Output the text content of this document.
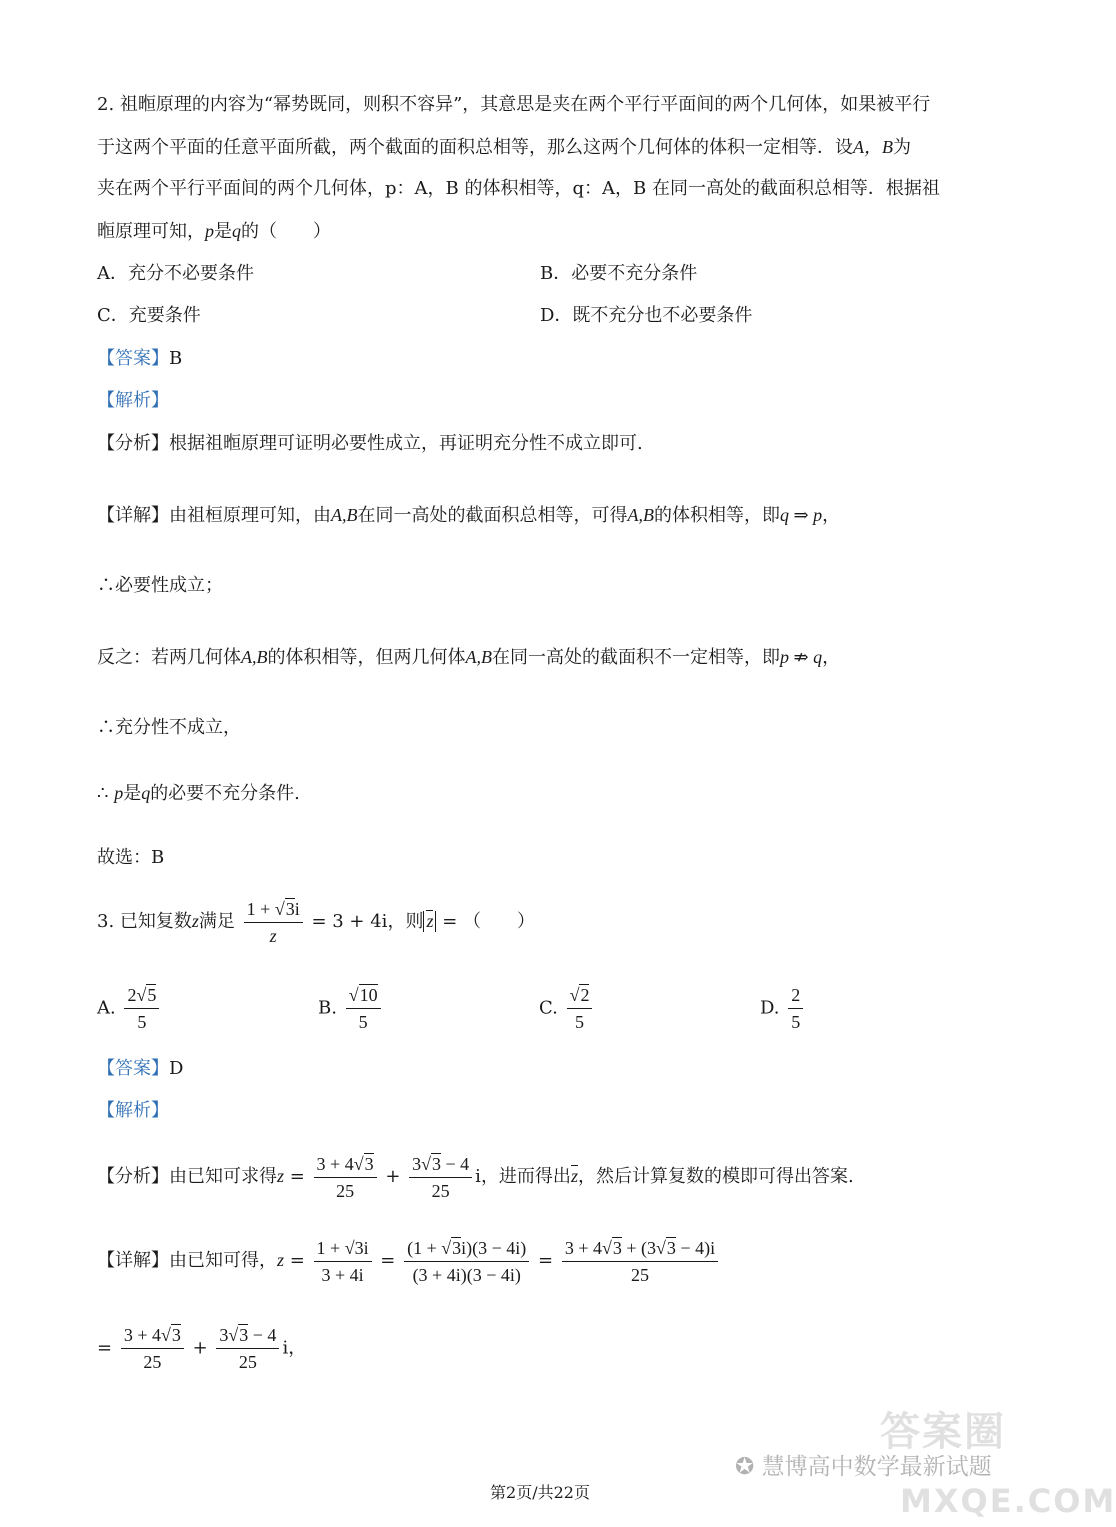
2. 祖暅原理的内容为“幂势既同，则积不容异”，其意思是夹在两个平行平面间的两个几何体，如果被平行
于这两个平面的任意平面所截，两个截面的面积总相等，那么这两个几何体的体积一定相等．设A，B为
夹在两个平行平面间的两个几何体，p：A，B 的体积相等，q：A，B 在同一高处的截面积总相等．根据祖
暅原理可知，p是q的（　　）
A．充分不必要条件	B．必要不充分条件
C．充要条件	D．既不充分也不必要条件
【答案】B
【解析】
【分析】根据祖暅原理可证明必要性成立，再证明充分性不成立即可.
【详解】由祖桓原理可知，由A,B在同一高处的截面积总相等，可得A,B的体积相等，即q ⇒ p，
∴必要性成立；
反之：若两几何体A,B的体积相等，但两几何体A,B在同一高处的截面积不一定相等，即p ⇏ q，
∴充分性不成立，
∴ p是q的必要不充分条件.
故选：B
3. 已知复数z满足 $\frac{1 + √3i}{z} = 3 + 4i$，则 z = （　　）
A. $\frac{2√5}{5}$	B. $\frac{√10}{5}$	C. $\frac{√2}{5}$	D. $\frac{2}{5}$
【答案】D
【解析】
【分析】由已知可求得$z = \frac{3 + 4√3}{25} + \frac{3√3 - 4}{25}$ i，进而得出z，然后计算复数的模即可得出答案.
【详解】由已知可得，$z = \frac{1 + √3i}{3 + 4i} = \frac{(1 + √3i)(3 - 4i)}{(3 + 4i)(3 - 4i)} = \frac{3 + 4√3 + (3√3 - 4)i}{25}$
= $\frac{3 + 4√3}{25} + \frac{3√3 - 4}{25}$ i，
答案圈
✪ 慧博高中数学最新试题
MXQE.COM
第2页/共22页
